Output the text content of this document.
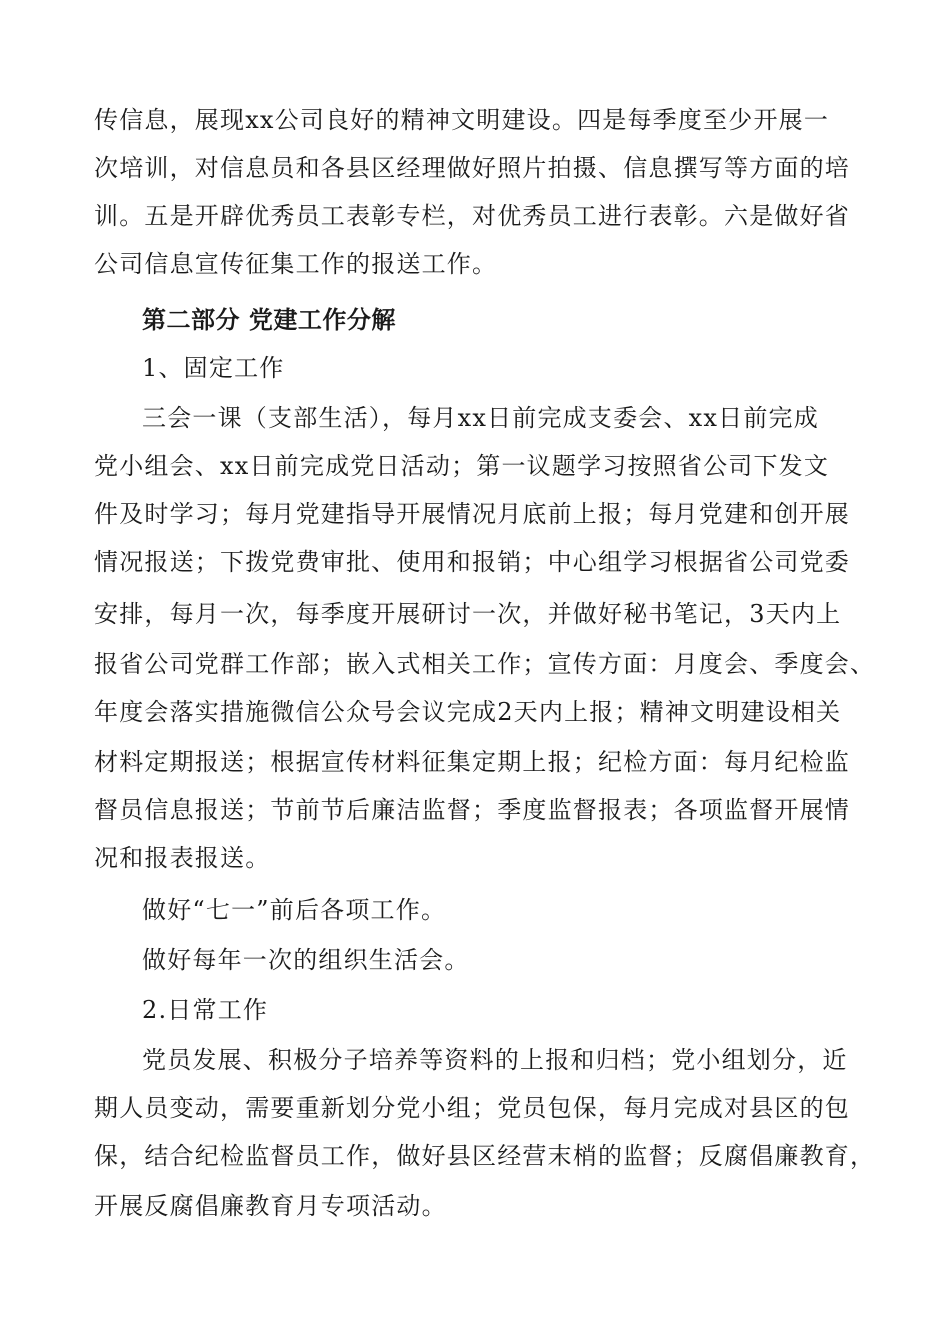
传信息，展现xx公司良好的精神文明建设。四是每季度至少开展一
次培训，对信息员和各县区经理做好照片拍摄、信息撰写等方面的培
训。五是开辟优秀员工表彰专栏，对优秀员工进行表彰。六是做好省
公司信息宣传征集工作的报送工作。
第二部分 党建工作分解
1、固定工作
三会一课（支部生活），每月xx日前完成支委会、xx日前完成
党小组会、xx日前完成党日活动；第一议题学习按照省公司下发文
件及时学习；每月党建指导开展情况月底前上报；每月党建和创开展
情况报送；下拨党费审批、使用和报销；中心组学习根据省公司党委
安排，每月一次，每季度开展研讨一次，并做好秘书笔记，3天内上
报省公司党群工作部；嵌入式相关工作；宣传方面：月度会、季度会、
年度会落实措施微信公众号会议完成2天内上报；精神文明建设相关
材料定期报送；根据宣传材料征集定期上报；纪检方面：每月纪检监
督员信息报送；节前节后廉洁监督；季度监督报表；各项监督开展情
况和报表报送。
做好“七一”前后各项工作。
做好每年一次的组织生活会。
2.日常工作
党员发展、积极分子培养等资料的上报和归档；党小组划分，近
期人员变动，需要重新划分党小组；党员包保，每月完成对县区的包
保，结合纪检监督员工作，做好县区经营末梢的监督；反腐倡廉教育，
开展反腐倡廉教育月专项活动。
